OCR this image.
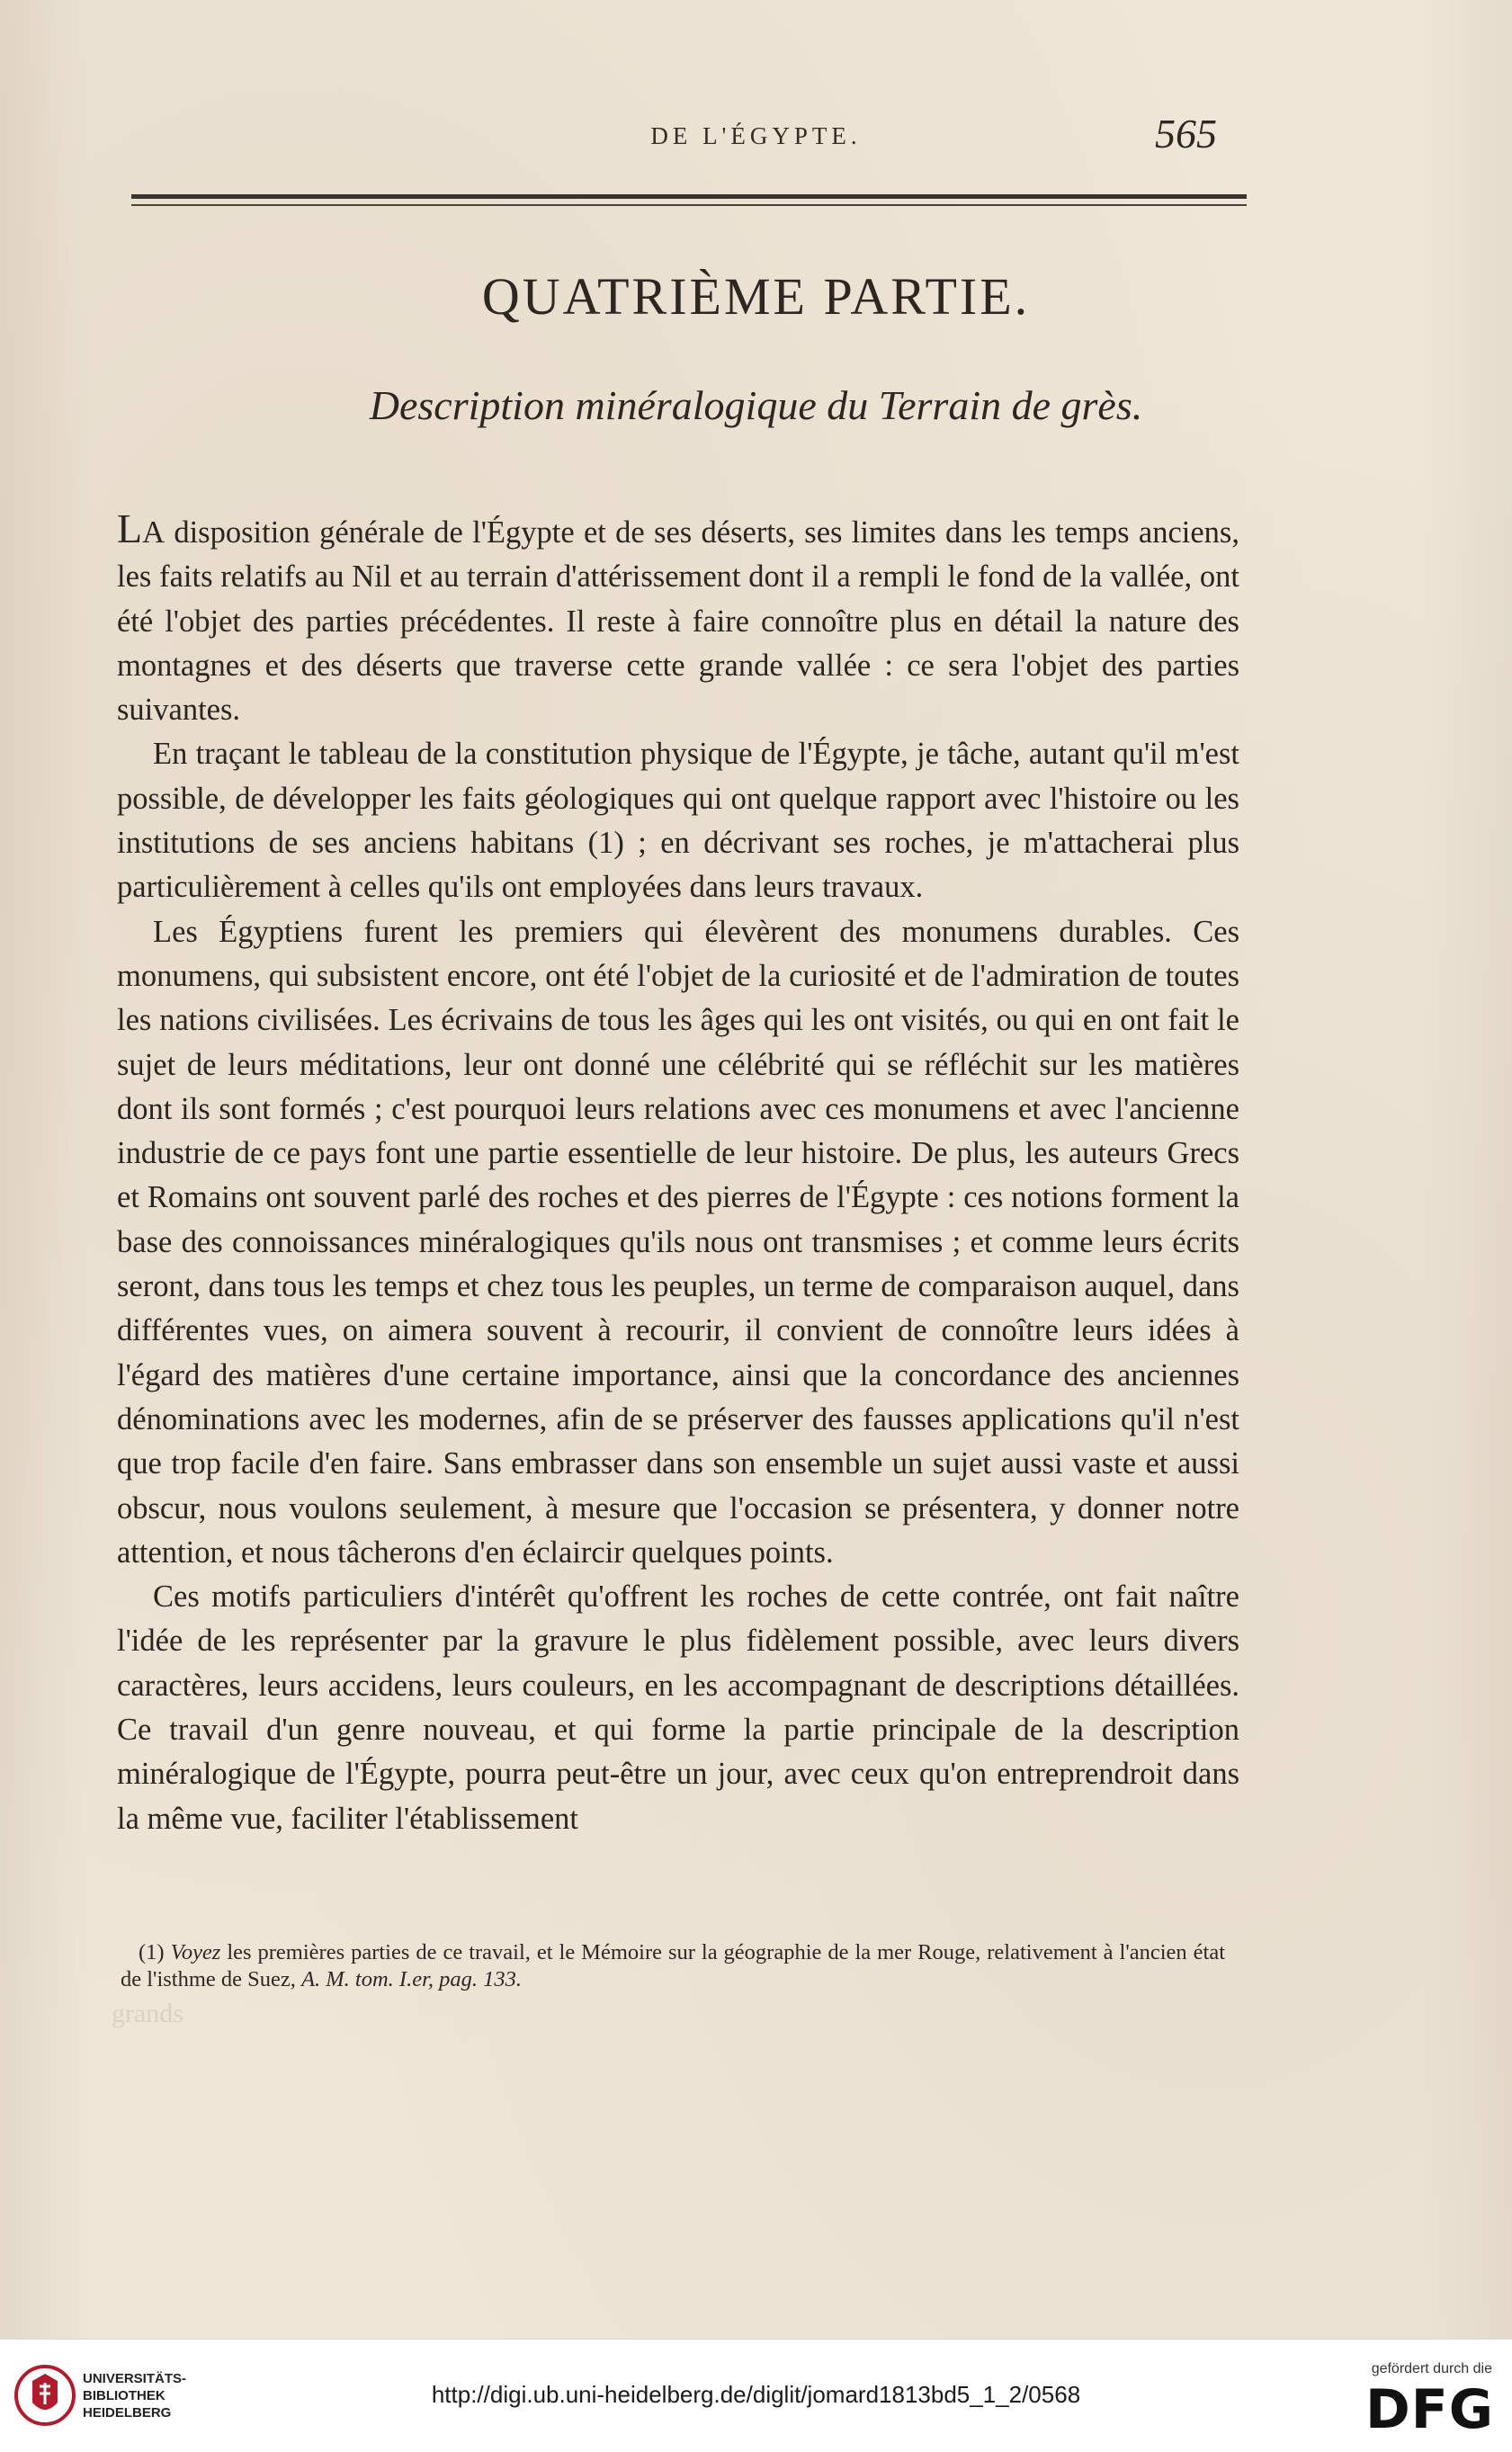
DE L'ÉGYPTE.	565
QUATRIÈME PARTIE.
Description minéralogique du Terrain de grès.

LA disposition générale de l'Égypte et de ses déserts, ses limites dans les temps anciens, les faits relatifs au Nil et au terrain d'attérissement dont il a rempli le fond de la vallée, ont été l'objet des parties précédentes. Il reste à faire connoître plus en détail la nature des montagnes et des déserts que traverse cette grande vallée : ce sera l'objet des parties suivantes.

En traçant le tableau de la constitution physique de l'Égypte, je tâche, autant qu'il m'est possible, de développer les faits géologiques qui ont quelque rapport avec l'histoire ou les institutions de ses anciens habitans (1) ; en décrivant ses roches, je m'attacherai plus particulièrement à celles qu'ils ont employées dans leurs travaux.

Les Égyptiens furent les premiers qui élevèrent des monumens durables. Ces monumens, qui subsistent encore, ont été l'objet de la curiosité et de l'admiration de toutes les nations civilisées. Les écrivains de tous les âges qui les ont visités, ou qui en ont fait le sujet de leurs méditations, leur ont donné une célébrité qui se réfléchit sur les matières dont ils sont formés ; c'est pourquoi leurs relations avec ces monumens et avec l'ancienne industrie de ce pays font une partie essentielle de leur histoire. De plus, les auteurs Grecs et Romains ont souvent parlé des roches et des pierres de l'Égypte : ces notions forment la base des connoissances minéralogiques qu'ils nous ont transmises ; et comme leurs écrits seront, dans tous les temps et chez tous les peuples, un terme de comparaison auquel, dans différentes vues, on aimera souvent à recourir, il convient de connoître leurs idées à l'égard des matières d'une certaine importance, ainsi que la concordance des anciennes dénominations avec les modernes, afin de se préserver des fausses applications qu'il n'est que trop facile d'en faire. Sans embrasser dans son ensemble un sujet aussi vaste et aussi obscur, nous voulons seulement, à mesure que l'occasion se présentera, y donner notre attention, et nous tâcherons d'en éclaircir quelques points.

Ces motifs particuliers d'intérêt qu'offrent les roches de cette contrée, ont fait naître l'idée de les représenter par la gravure le plus fidèlement possible, avec leurs divers caractères, leurs accidens, leurs couleurs, en les accompagnant de descriptions détaillées. Ce travail d'un genre nouveau, et qui forme la partie principale de la description minéralogique de l'Égypte, pourra peut-être un jour, avec ceux qu'on entreprendroit dans la même vue, faciliter l'établissement

(1) Voyez les premières parties de ce travail, et le Mémoire sur la géographie de la mer Rouge, relativement à l'ancien état de l'isthme de Suez, A. M. tom. I.er, pag. 133.
grands
UNIVERSITÄTS-
BIBLIOTHEK
HEIDELBERG
http://digi.ub.uni-heidelberg.de/diglit/jomard1813bd5_1_2/0568
gefördert durch die
DFG
